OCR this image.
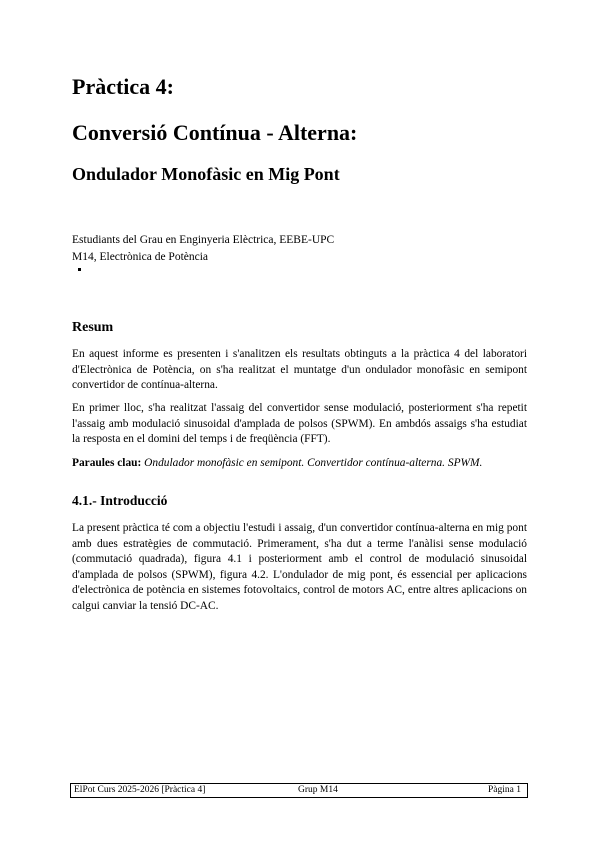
Pràctica 4:
Conversió Contínua - Alterna:
Ondulador Monofàsic en Mig Pont
Estudiants del Grau en Enginyeria Elèctrica, EEBE-UPC
M14, Electrònica de Potència
Resum
En aquest informe es presenten i s'analitzen els resultats obtinguts a la pràctica 4 del laboratori d'Electrònica de Potència, on s'ha realitzat el muntatge d'un ondulador monofàsic en semipont convertidor de contínua-alterna.
En primer lloc, s'ha realitzat l'assaig del convertidor sense modulació, posteriorment s'ha repetit l'assaig amb modulació sinusoidal d'amplada de polsos (SPWM). En ambdós assaigs s'ha estudiat la resposta en el domini del temps i de freqüència (FFT).
Paraules clau: Ondulador monofàsic en semipont. Convertidor contínua-alterna. SPWM.
4.1.- Introducció
La present pràctica té com a objectiu l'estudi i assaig, d'un convertidor contínua-alterna en mig pont amb dues estratègies de commutació. Primerament, s'ha dut a terme l'anàlisi sense modulació (commutació quadrada), figura 4.1 i posteriorment amb el control de modulació sinusoidal d'amplada de polsos (SPWM), figura 4.2. L'ondulador de mig pont, és essencial per aplicacions d'electrònica de potència en sistemes fotovoltaics, control de motors AC, entre altres aplicacions on calgui canviar la tensió DC-AC.
ElPot Curs 2025-2026 [Pràctica 4]	Grup M14	Pàgina 1
